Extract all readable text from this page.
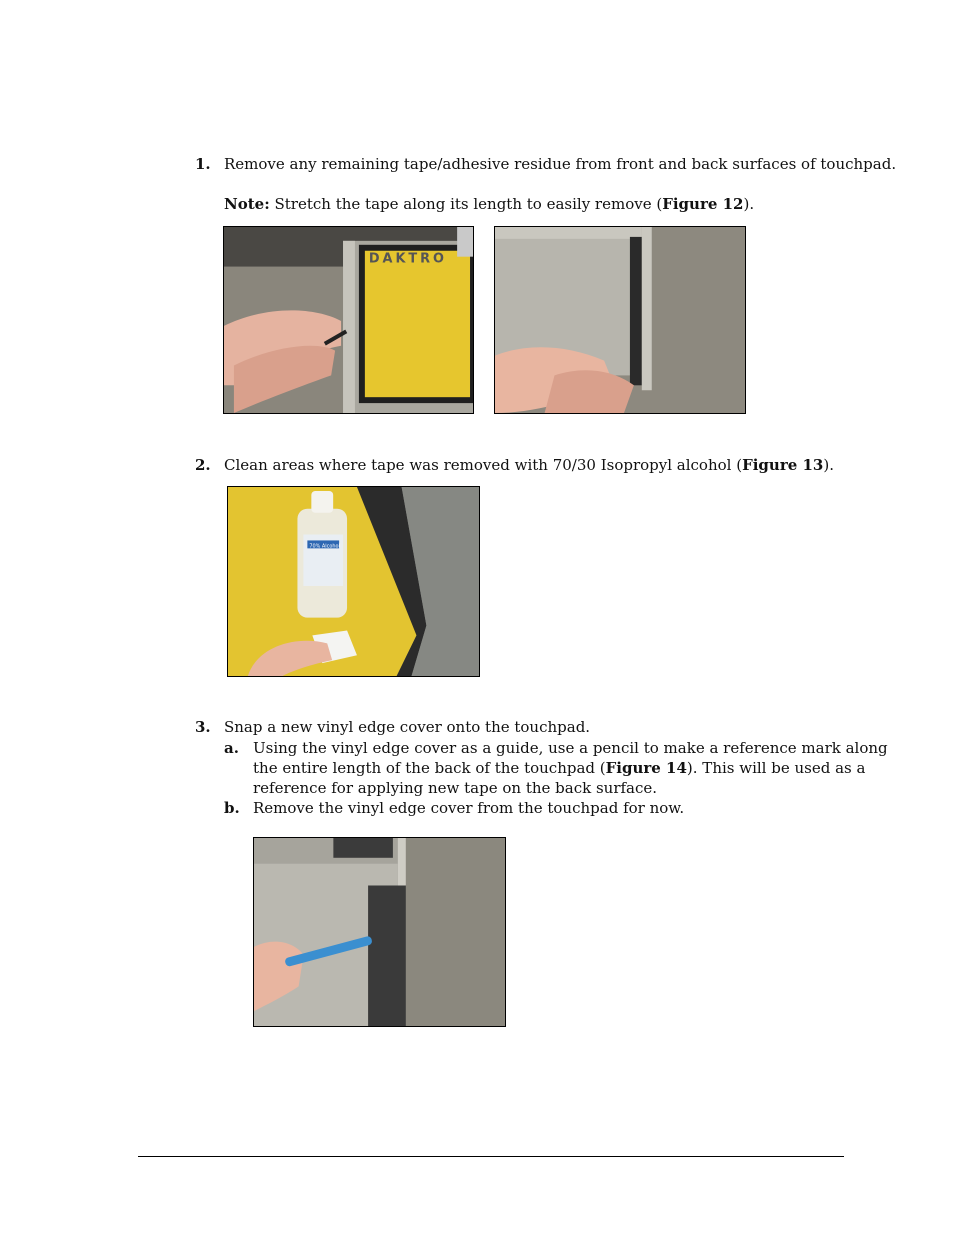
1. Remove any remaining tape/adhesive residue from front and back surfaces of touchpad.
Note: Stretch the tape along its length to easily remove (Figure 12).
DAKTRO
2. Clean areas where tape was removed with 70/30 Isopropyl alcohol (Figure 13).
70% Alcohol
3. Snap a new vinyl edge cover onto the touchpad.
a. Using the vinyl edge cover as a guide, use a pencil to make a reference mark along
the entire length of the back of the touchpad (Figure 14). This will be used as a
reference for applying new tape on the back surface.
b. Remove the vinyl edge cover from the touchpad for now.
